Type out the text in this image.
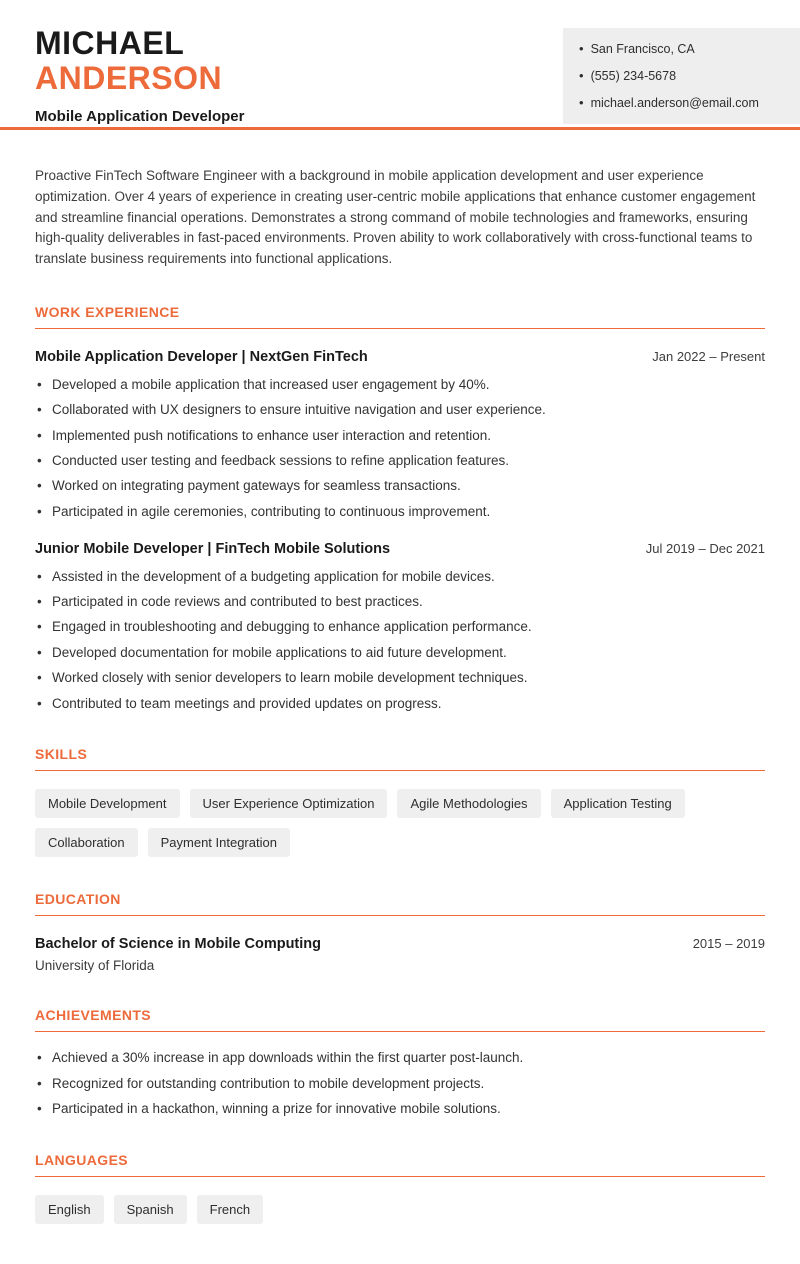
MICHAEL
ANDERSON
Mobile Application Developer
• San Francisco, CA
• (555) 234-5678
• michael.anderson@email.com

Proactive FinTech Software Engineer with a background in mobile application development and user experience optimization. Over 4 years of experience in creating user-centric mobile applications that enhance customer engagement and streamline financial operations. Demonstrates a strong command of mobile technologies and frameworks, ensuring high-quality deliverables in fast-paced environments. Proven ability to work collaboratively with cross-functional teams to translate business requirements into functional applications.

WORK EXPERIENCE
Mobile Application Developer | NextGen FinTech	Jan 2022 – Present
• Developed a mobile application that increased user engagement by 40%.
• Collaborated with UX designers to ensure intuitive navigation and user experience.
• Implemented push notifications to enhance user interaction and retention.
• Conducted user testing and feedback sessions to refine application features.
• Worked on integrating payment gateways for seamless transactions.
• Participated in agile ceremonies, contributing to continuous improvement.
Junior Mobile Developer | FinTech Mobile Solutions	Jul 2019 – Dec 2021
• Assisted in the development of a budgeting application for mobile devices.
• Participated in code reviews and contributed to best practices.
• Engaged in troubleshooting and debugging to enhance application performance.
• Developed documentation for mobile applications to aid future development.
• Worked closely with senior developers to learn mobile development techniques.
• Contributed to team meetings and provided updates on progress.
SKILLS
Mobile Development	User Experience Optimization	Agile Methodologies	Application Testing
Collaboration	Payment Integration
EDUCATION
Bachelor of Science in Mobile Computing	2015 – 2019
University of Florida
ACHIEVEMENTS
• Achieved a 30% increase in app downloads within the first quarter post-launch.
• Recognized for outstanding contribution to mobile development projects.
• Participated in a hackathon, winning a prize for innovative mobile solutions.
LANGUAGES
English	Spanish	French
